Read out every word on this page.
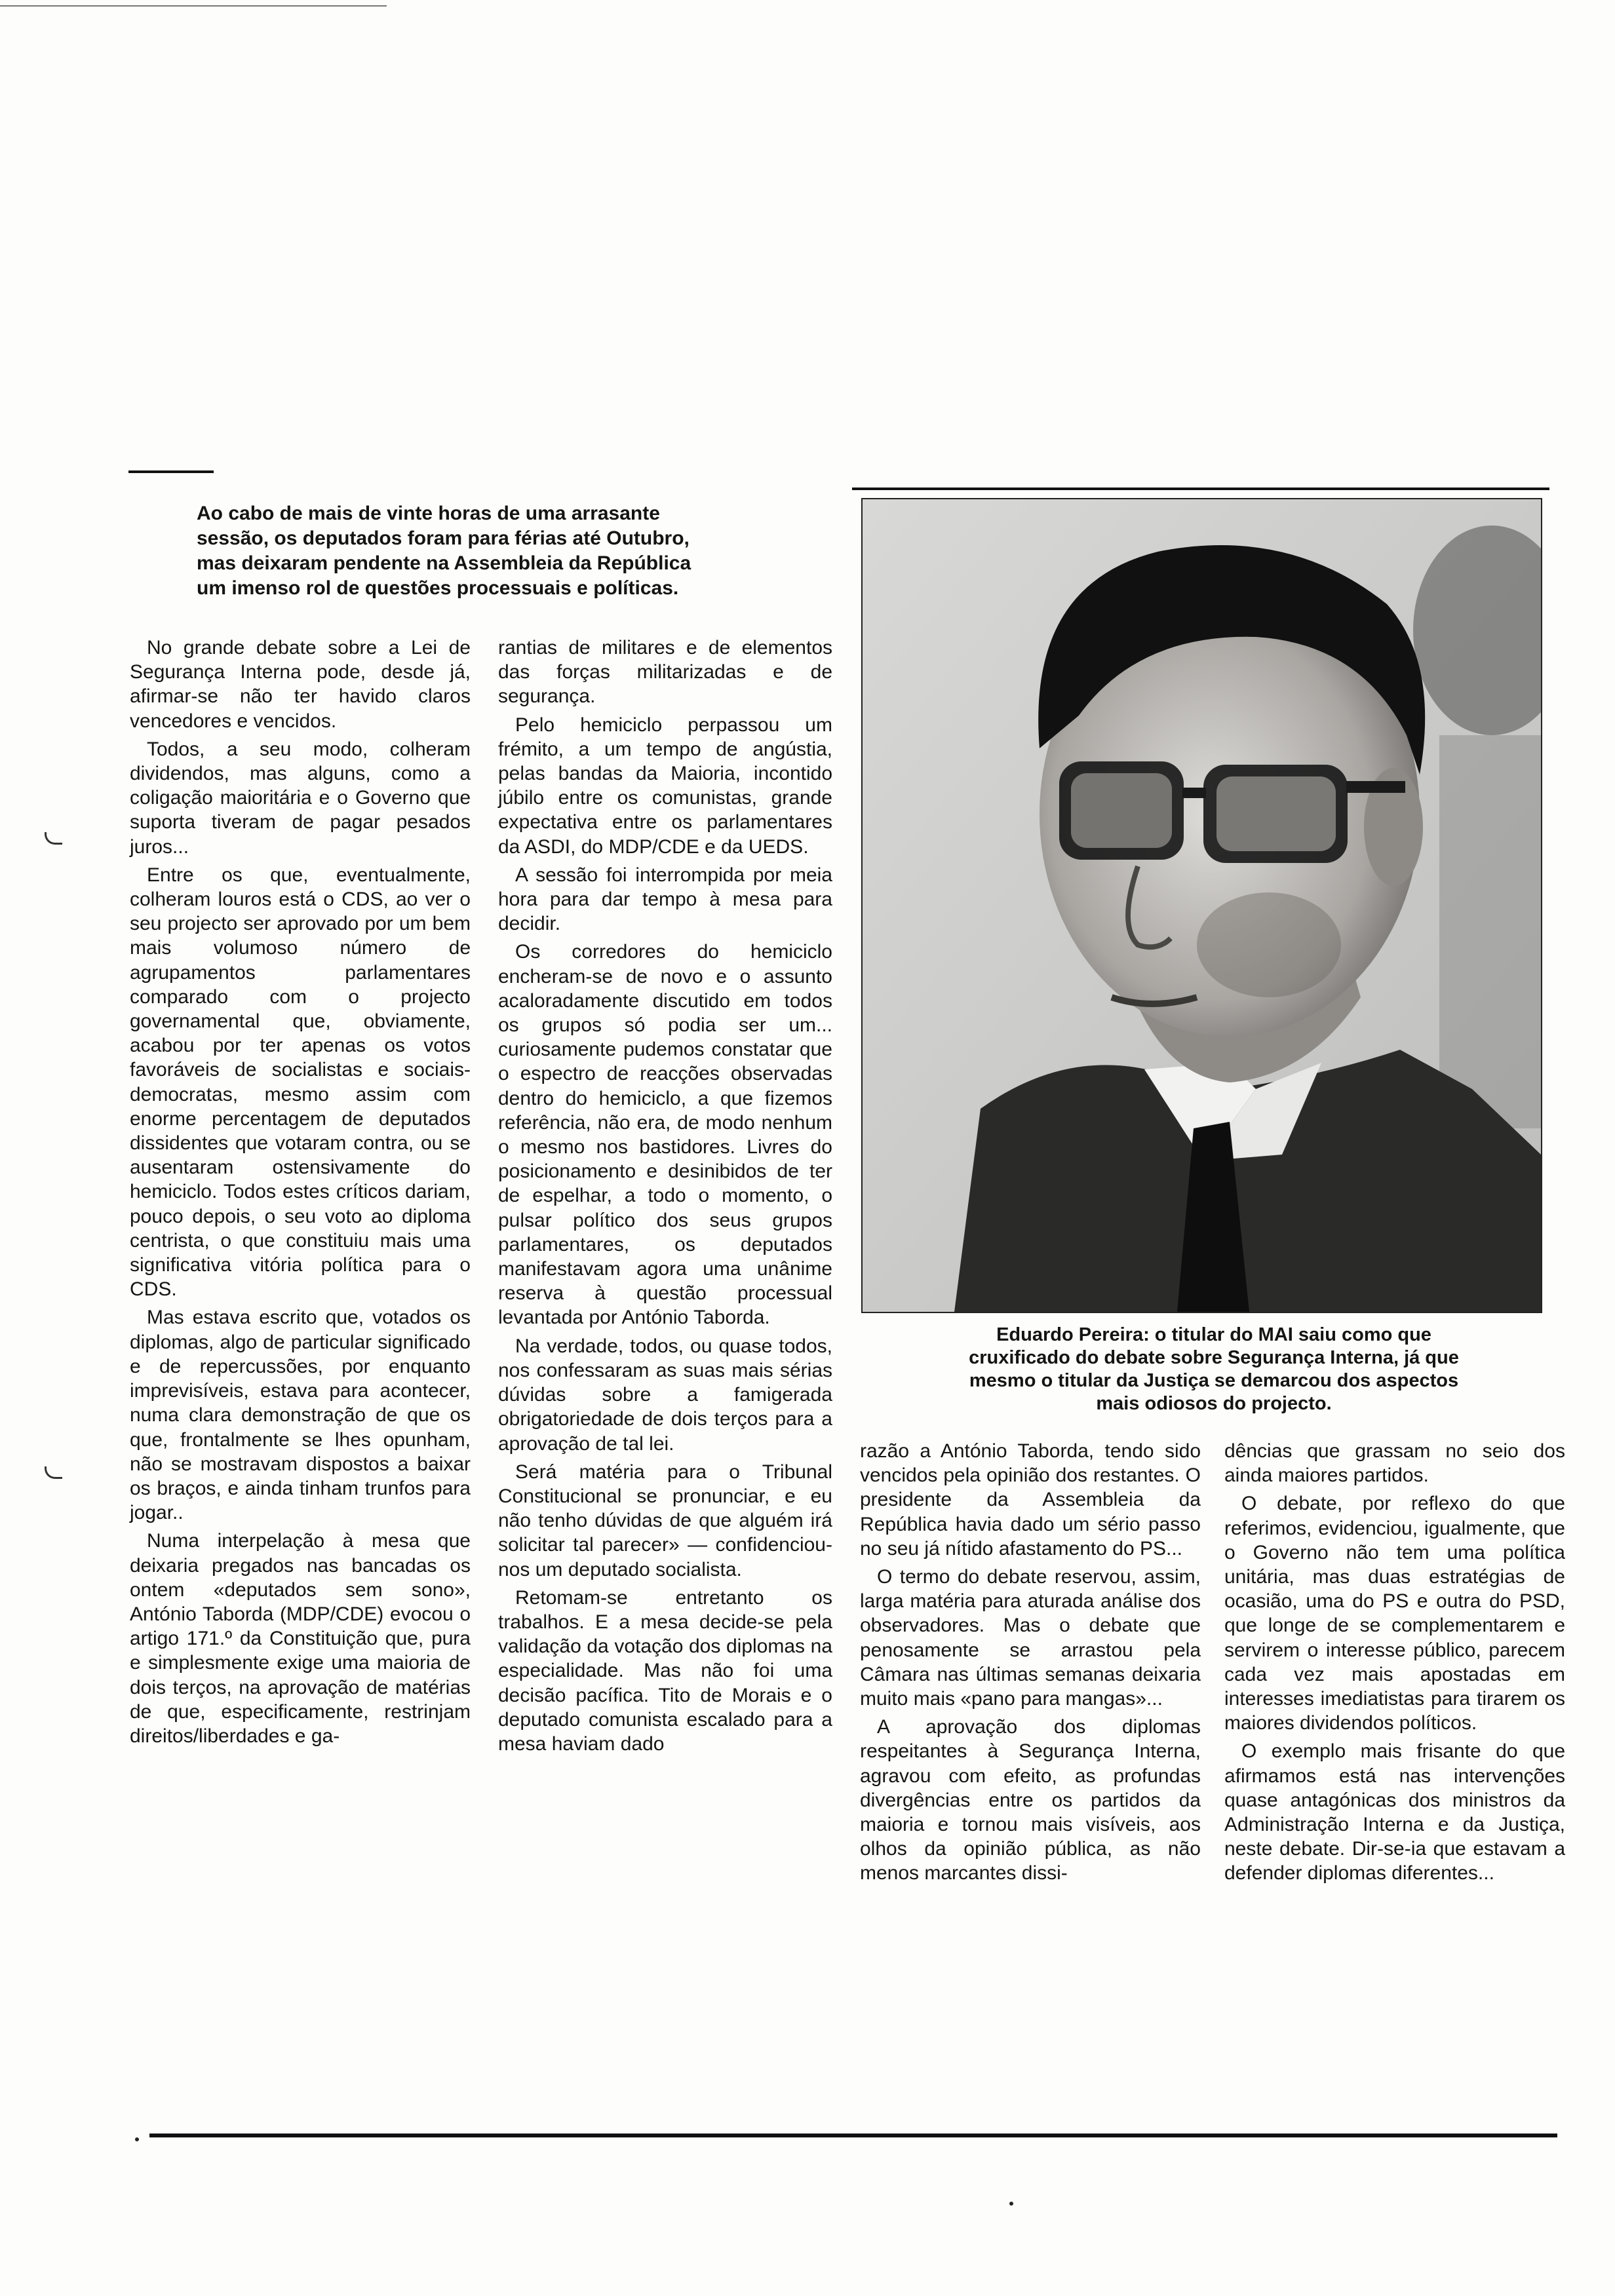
Ao cabo de mais de vinte horas de uma arrasante
sessão, os deputados foram para férias até Outubro,
mas deixaram pendente na Assembleia da República
um imenso rol de questões processuais e políticas.

No grande debate sobre a Lei de Segurança Interna pode, desde já, afirmar-se não ter havido claros vencedores e vencidos.

Todos, a seu modo, colheram dividendos, mas alguns, como a coligação maioritária e o Governo que suporta tiveram de pagar pesados juros...

Entre os que, eventualmente, colheram louros está o CDS, ao ver o seu projecto ser aprovado por um bem mais volumoso número de agrupamentos parlamentares comparado com o projecto governamental que, obviamente, acabou por ter apenas os votos favoráveis de socialistas e sociais-democratas, mesmo assim com enorme percentagem de deputados dissidentes que votaram contra, ou se ausentaram ostensivamente do hemiciclo. Todos estes críticos dariam, pouco depois, o seu voto ao diploma centrista, o que constituiu mais uma significativa vitória política para o CDS.

Mas estava escrito que, votados os diplomas, algo de particular significado e de repercussões, por enquanto imprevisíveis, estava para acontecer, numa clara demonstração de que os que, frontalmente se lhes opunham, não se mostravam dispostos a baixar os braços, e ainda tinham trunfos para jogar..

Numa interpelação à mesa que deixaria pregados nas bancadas os ontem «deputados sem sono», António Taborda (MDP/CDE) evocou o artigo 171.º da Constituição que, pura e simplesmente exige uma maioria de dois terços, na aprovação de matérias de que, especificamente, restrinjam direitos/liberdades e ga-

rantias de militares e de elementos das forças militarizadas e de segurança.

Pelo hemiciclo perpassou um frémito, a um tempo de angústia, pelas bandas da Maioria, incontido júbilo entre os comunistas, grande expectativa entre os parlamentares da ASDI, do MDP/CDE e da UEDS.

A sessão foi interrompida por meia hora para dar tempo à mesa para decidir.

Os corredores do hemiciclo encheram-se de novo e o assunto acaloradamente discutido em todos os grupos só podia ser um... curiosamente pudemos constatar que o espectro de reacções observadas dentro do hemiciclo, a que fizemos referência, não era, de modo nenhum o mesmo nos bastidores. Livres do posicionamento e desinibidos de ter de espelhar, a todo o momento, o pulsar político dos seus grupos parlamentares, os deputados manifestavam agora uma unânime reserva à questão processual levantada por António Taborda.

Na verdade, todos, ou quase todos, nos confessaram as suas mais sérias dúvidas sobre a famigerada obrigatoriedade de dois terços para a aprovação de tal lei.

Será matéria para o Tribunal Constitucional se pronunciar, e eu não tenho dúvidas de que alguém irá solicitar tal parecer» — confidenciou-nos um deputado socialista.

Retomam-se entretanto os trabalhos. E a mesa decide-se pela validação da votação dos diplomas na especialidade. Mas não foi uma decisão pacífica. Tito de Morais e o deputado comunista escalado para a mesa haviam dado

Eduardo Pereira: o titular do MAI saiu como que
cruxificado do debate sobre Segurança Interna, já que
mesmo o titular da Justiça se demarcou dos aspectos
mais odiosos do projecto.

razão a António Taborda, tendo sido vencidos pela opinião dos restantes. O presidente da Assembleia da República havia dado um sério passo no seu já nítido afastamento do PS...

O termo do debate reservou, assim, larga matéria para aturada análise dos observadores. Mas o debate que penosamente se arrastou pela Câmara nas últimas semanas deixaria muito mais «pano para mangas»...

A aprovação dos diplomas respeitantes à Segurança Interna, agravou com efeito, as profundas divergências entre os partidos da maioria e tornou mais visíveis, aos olhos da opinião pública, as não menos marcantes dissi-

dências que grassam no seio dos ainda maiores partidos.

O debate, por reflexo do que referimos, evidenciou, igualmente, que o Governo não tem uma política unitária, mas duas estratégias de ocasião, uma do PS e outra do PSD, que longe de se complementarem e servirem o interesse público, parecem cada vez mais apostadas em interesses imediatistas para tirarem os maiores dividendos políticos.

O exemplo mais frisante do que afirmamos está nas intervenções quase antagónicas dos ministros da Administração Interna e da Justiça, neste debate. Dir-se-ia que estavam a defender diplomas diferentes...
